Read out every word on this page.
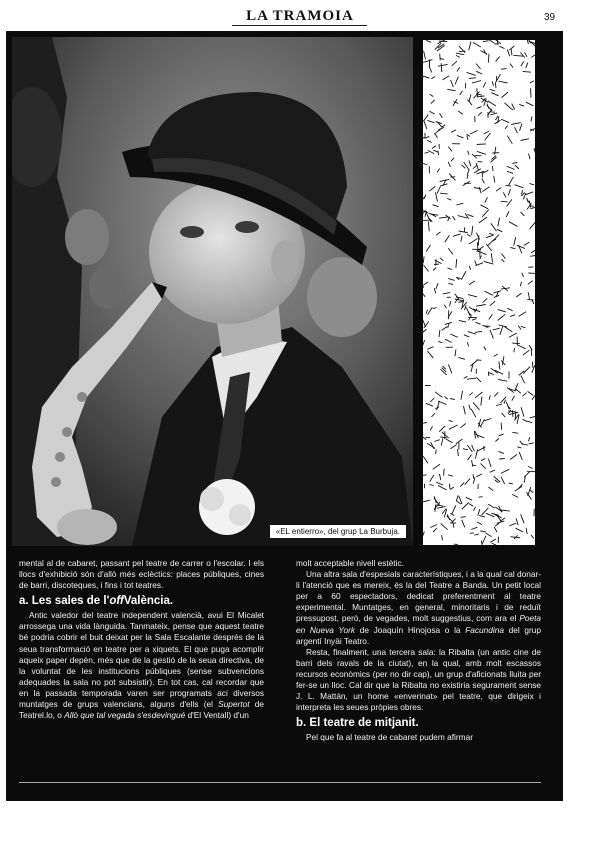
LA TRAMOIA	39
«EL entierro», del grup La Burbuja.

mental al de cabaret, passant pel teatre de carrer o l'escolar. I els llocs d'exhibició són d'allò més eclèctics: places públiques, cines de barri, discoteques, i fins i tot teatres.

a. Les sales de l'offValència.

Antic valedor del teatre independent valencià, avui El Micalet arrossega una vida lànguida. Tanmateix, pense que aquest teatre bé podria cobrir el buit deixat per la Sala Escalante després de la seua transformació en teatre per a xiquets. El que puga acomplir aqueix paper depèn, més que de la gestió de la seua directiva, de la voluntat de les institucions públiques (sense subvencions adequades la sala no pot subsistir). En tot cas, cal recordar que en la passada temporada varen ser programats aci diversos muntatges de grups valencians, alguns d'ells (el Supertot de Teatrel.lo, o Allò que tal vegada s'esdevingué d'El Ventall) d'un

molt acceptable nivell estètic.

Una altra sala d'espesials característiques, i a la qual cal donar-li l'atenció que es mereix, és la del Teatre a Banda. Un petit local per a 60 espectadors, dedicat preferentment al teatre experimental. Muntatges, en general, minoritaris i de reduït pressupost, però, de vegades, molt suggestius, com ara el Poeta en Nueva York de Joaquín Hinojosa o la Facundina del grup argentí Inyäi Teatro.

Resta, finalment, una tercera sala: la Ribalta (un antic cine de barri dels ravals de la ciutat), en la qual, amb molt escassos recursos econòmics (per no dir cap), un grup d'aficionats lluita per fer-se un lloc. Cal dir que la Ribalta no existiria segurament sense J. L. Mattán, un home «enverinat» pel teatre, que dirigeix i interpreta les seues pròpies obres.

b. El teatre de mitjanit.

Pel que fa al teatre de cabaret pudem afirmar
